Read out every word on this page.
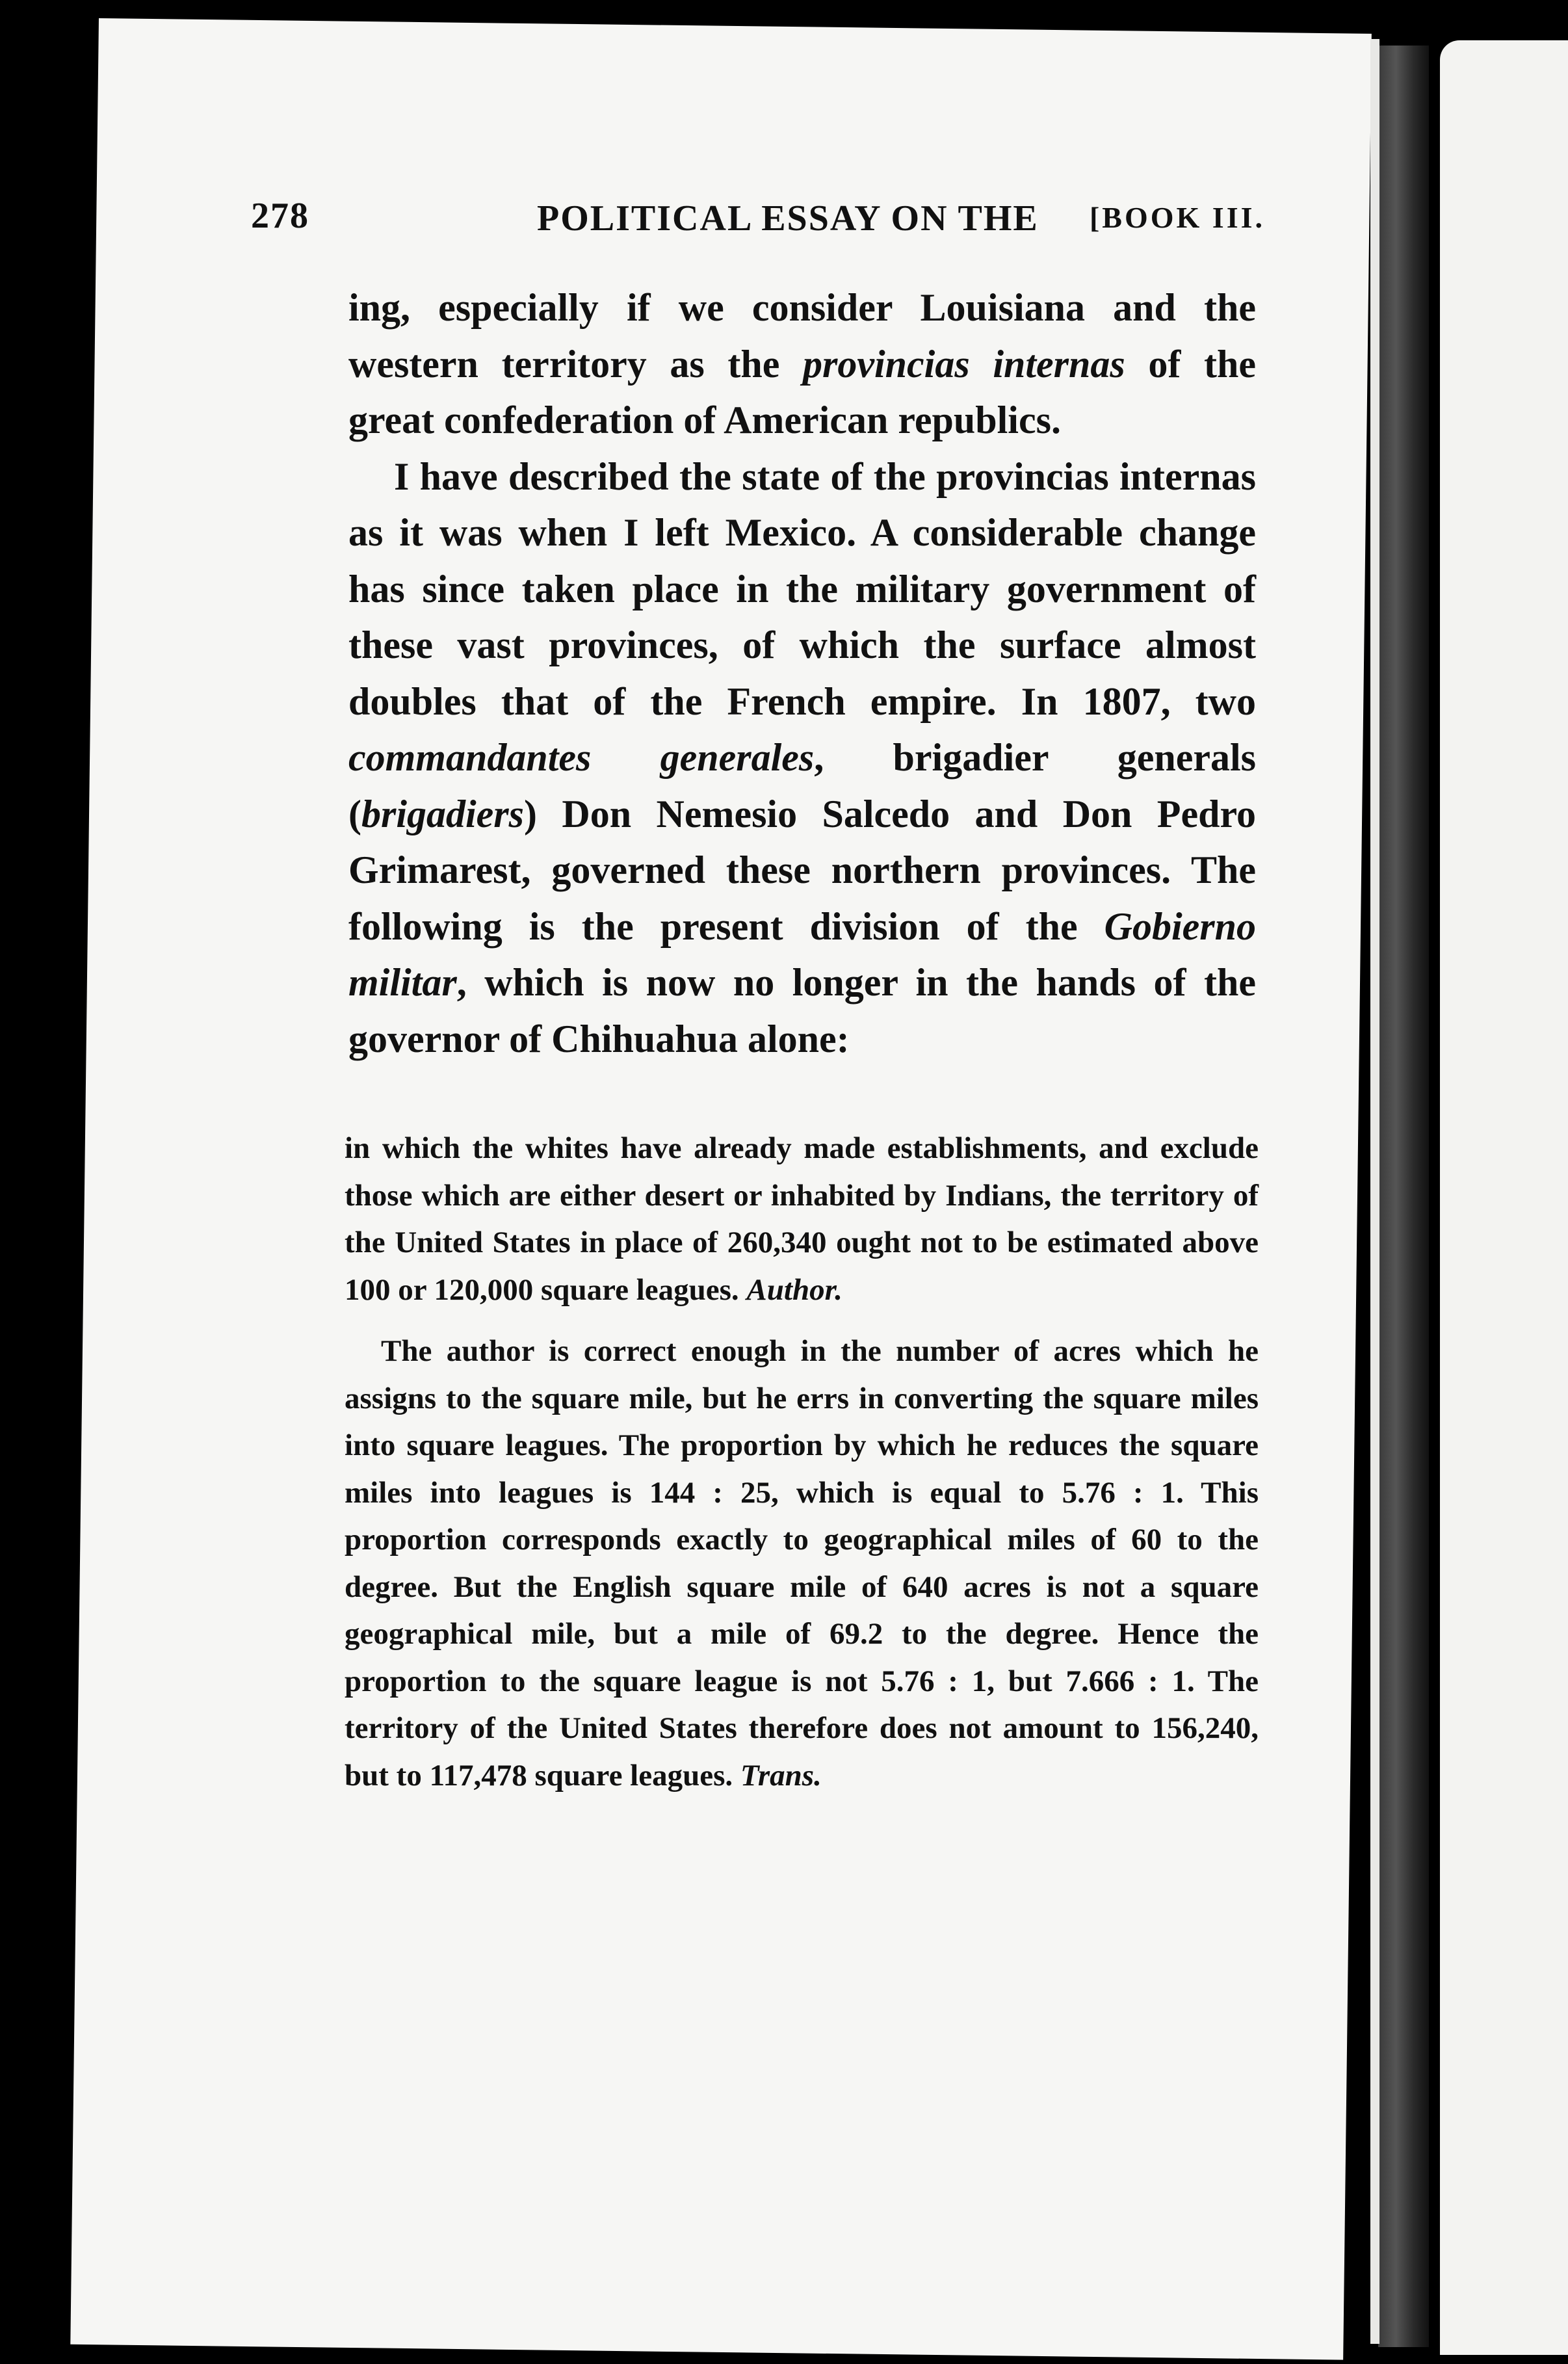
278	POLITICAL ESSAY ON THE [BOOK III.

ing, especially if we consider Louisiana and the western territory as the provincias internas of the great confederation of American republics.

I have described the state of the provincias internas as it was when I left Mexico. A considerable change has since taken place in the military government of these vast provinces, of which the surface almost doubles that of the French empire. In 1807, two commandantes generales, brigadier generals (brigadiers) Don Nemesio Salcedo and Don Pedro Grimarest, governed these northern provinces. The following is the present division of the Gobierno militar, which is now no longer in the hands of the governor of Chihuahua alone:

in which the whites have already made establishments, and exclude those which are either desert or inhabited by Indians, the territory of the United States in place of 260,340 ought not to be estimated above 100 or 120,000 square leagues. Author.

The author is correct enough in the number of acres which he assigns to the square mile, but he errs in converting the square miles into square leagues. The proportion by which he reduces the square miles into leagues is 144 : 25, which is equal to 5.76 : 1. This proportion corresponds exactly to geographical miles of 60 to the degree. But the English square mile of 640 acres is not a square geographical mile, but a mile of 69.2 to the degree. Hence the proportion to the square league is not 5.76 : 1, but 7.666 : 1. The territory of the United States therefore does not amount to 156,240, but to 117,478 square leagues. Trans.
